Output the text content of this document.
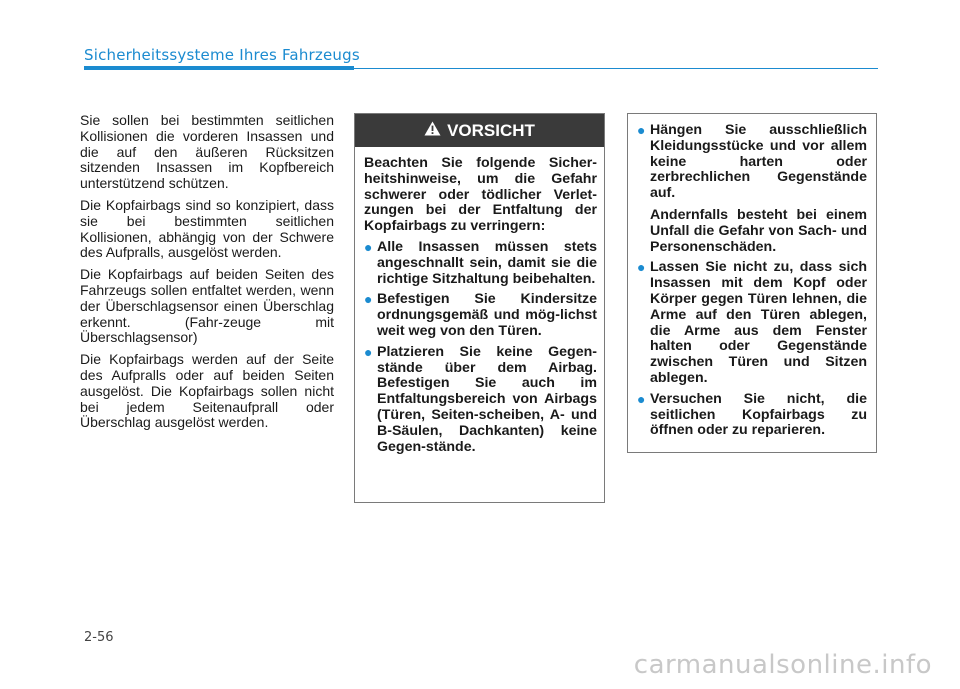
Sicherheitssysteme Ihres Fahrzeugs

Sie sollen bei bestimmten seitlichen Kollisionen die vorderen Insassen und die auf den äußeren Rücksitzen sitzenden Insassen im Kopfbereich unterstützend schützen.

Die Kopfairbags sind so konzipiert, dass sie bei bestimmten seitlichen Kollisionen, abhängig von der Schwere des Aufpralls, ausgelöst werden.

Die Kopfairbags auf beiden Seiten des Fahrzeugs sollen entfaltet werden, wenn der Überschlagsensor einen Überschlag erkennt. (Fahr-zeuge mit Überschlagsensor)

Die Kopfairbags werden auf der Seite des Aufpralls oder auf beiden Seiten ausgelöst. Die Kopfairbags sollen nicht bei jedem Seitenaufprall oder Überschlag ausgelöst werden.

VORSICHT

Beachten Sie folgende Sicher-heitshinweise, um die Gefahr schwerer oder tödlicher Verlet-zungen bei der Entfaltung der Kopfairbags zu verringern:

● Alle Insassen müssen stets angeschnallt sein, damit sie die richtige Sitzhaltung beibehalten.
● Befestigen Sie Kindersitze ordnungsgemäß und mög-lichst weit weg von den Türen.
● Platzieren Sie keine Gegen-stände über dem Airbag. Befestigen Sie auch im Entfaltungsbereich von Airbags (Türen, Seiten-scheiben, A- und B-Säulen, Dachkanten) keine Gegen-stände.
● Hängen Sie ausschließlich Kleidungsstücke und vor allem keine harten oder zerbrechlichen Gegenstände auf.
Andernfalls besteht bei einem Unfall die Gefahr von Sach- und Personenschäden.
● Lassen Sie nicht zu, dass sich Insassen mit dem Kopf oder Körper gegen Türen lehnen, die Arme auf den Türen ablegen, die Arme aus dem Fenster halten oder Gegenstände zwischen Türen und Sitzen ablegen.
● Versuchen Sie nicht, die seitlichen Kopfairbags zu öffnen oder zu reparieren.
2-56
carmanualsonline.info
